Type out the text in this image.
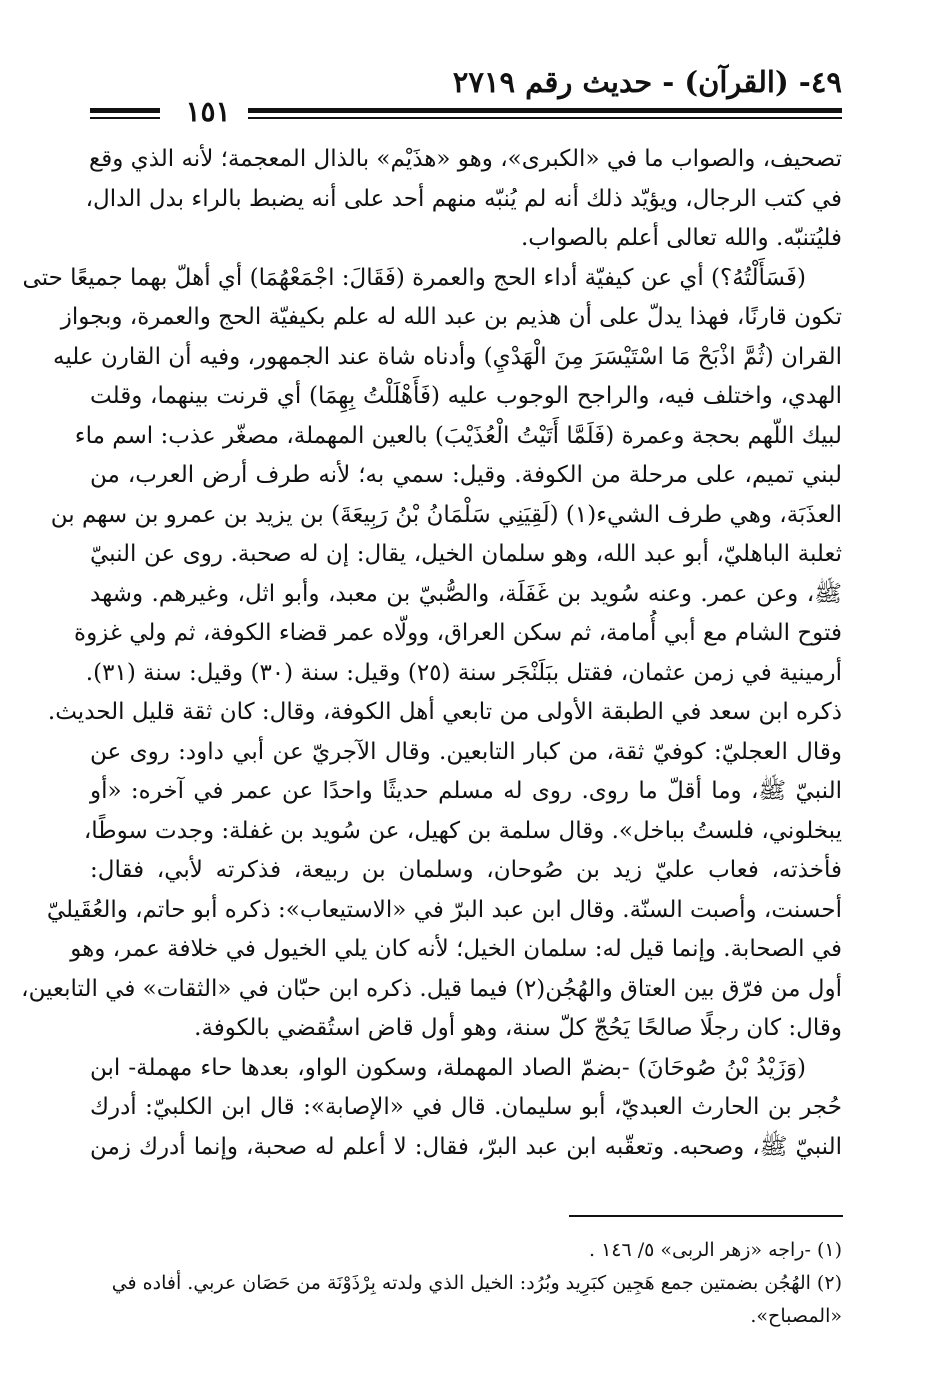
٤٩- (القرآن) - حديث رقم ٢٧١٩
١٥١
تصحيف، والصواب ما في «الكبرى»، وهو «هذَيْم» بالذال المعجمة؛ لأنه الذي وقع
في كتب الرجال، ويؤيّد ذلك أنه لم يُنبّه منهم أحد على أنه يضبط بالراء بدل الدال،
فليُتنبّه. والله تعالى أعلم بالصواب.
(فَسَأَلْتُهُ؟) أي عن كيفيّة أداء الحج والعمرة (فَقَالَ: اجْمَعْهُمَا) أي أهلّ بهما جميعًا حتى
تكون قارنًا، فهذا يدلّ على أن هذيم بن عبد الله له علم بكيفيّة الحج والعمرة، وبجواز
القران (ثُمَّ اذْبَحْ مَا اسْتَيْسَرَ مِنَ الْهَدْيِ) وأدناه شاة عند الجمهور، وفيه أن القارن عليه
الهدي، واختلف فيه، والراجح الوجوب عليه (فَأَهْلَلْتُ بِهِمَا) أي قرنت بينهما، وقلت
لبيك اللّهم بحجة وعمرة (فَلَمَّا أَتَيْتُ الْعُذَيْبَ) بالعين المهملة، مصغّر عذب: اسم ماء
لبني تميم، على مرحلة من الكوفة. وقيل: سمي به؛ لأنه طرف أرض العرب، من
العذَبَة، وهي طرف الشيء(١) (لَقِيَنِي سَلْمَانُ بْنُ رَبِيعَةَ) بن يزيد بن عمرو بن سهم بن
ثعلبة الباهليّ، أبو عبد الله، وهو سلمان الخيل، يقال: إن له صحبة. روى عن النبيّ
ﷺ، وعن عمر. وعنه سُويد بن غَفَلَة، والصُّبيّ بن معبد، وأبو اثل، وغيرهم. وشهد
فتوح الشام مع أبي أُمامة، ثم سكن العراق، وولّاه عمر قضاء الكوفة، ثم ولي غزوة
أرمينية في زمن عثمان، فقتل ببَلَنْجَر سنة (٢٥) وقيل: سنة (٣٠) وقيل: سنة (٣١).
ذكره ابن سعد في الطبقة الأولى من تابعي أهل الكوفة، وقال: كان ثقة قليل الحديث.
وقال العجليّ: كوفيّ ثقة، من كبار التابعين. وقال الآجريّ عن أبي داود: روى عن
النبيّ ﷺ، وما أقلّ ما روى. روى له مسلم حديثًا واحدًا عن عمر في آخره: «أو
يبخلوني، فلستُ بباخل». وقال سلمة بن كهيل، عن سُويد بن غفلة: وجدت سوطًا،
فأخذته، فعاب عليّ زيد بن صُوحان، وسلمان بن ربيعة، فذكرته لأبي، فقال:
أحسنت، وأصبت السنّة. وقال ابن عبد البرّ في «الاستيعاب»: ذكره أبو حاتم، والعُقَيليّ
في الصحابة. وإنما قيل له: سلمان الخيل؛ لأنه كان يلي الخيول في خلافة عمر، وهو
أول من فرّق بين العتاق والهُجُن(٢) فيما قيل. ذكره ابن حبّان في «الثقات» في التابعين،
وقال: كان رجلًا صالحًا يَحُجّ كلّ سنة، وهو أول قاض استُقضي بالكوفة.
(وَزَيْدُ بْنُ صُوحَانَ) -بضمّ الصاد المهملة، وسكون الواو، بعدها حاء مهملة- ابن
حُجر بن الحارث العبديّ، أبو سليمان. قال في «الإصابة»: قال ابن الكلبيّ: أدرك
النبيّ ﷺ، وصحبه. وتعقّبه ابن عبد البرّ، فقال: لا أعلم له صحبة، وإنما أدرك زمن
(١) -راجه «زهر الربى» ٥/ ١٤٦ .
(٢) الهُجُن بضمتين جمع هَجِين كبَرِيد وبُرُد: الخيل الذي ولدته بِرْذَوْنَة من حَصَان عربي. أفاده في
«المصباح».
